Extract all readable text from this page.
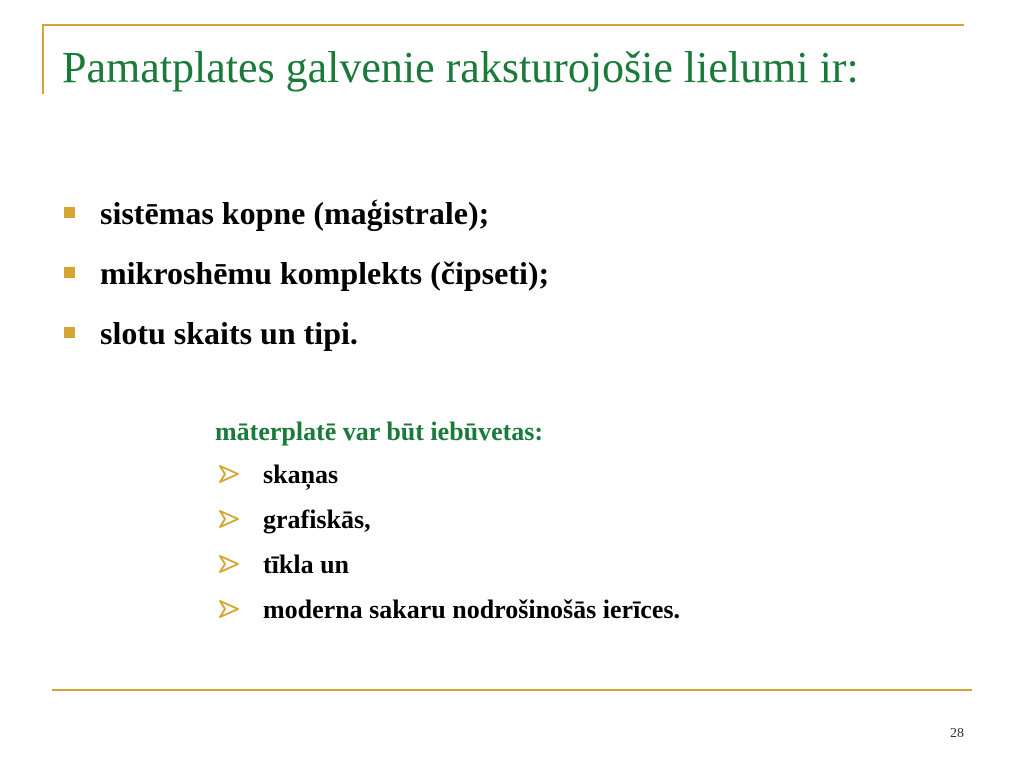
Pamatplates galvenie raksturojošie lielumi ir:
sistēmas kopne (maģistrale);
mikroshēmu komplekts (čipseti);
slotu skaits un tipi.

māterplatē var būt iebūvetas:

skaņas
grafiskās,
tīkla un
moderna sakaru nodrošinošās ierīces.
28
